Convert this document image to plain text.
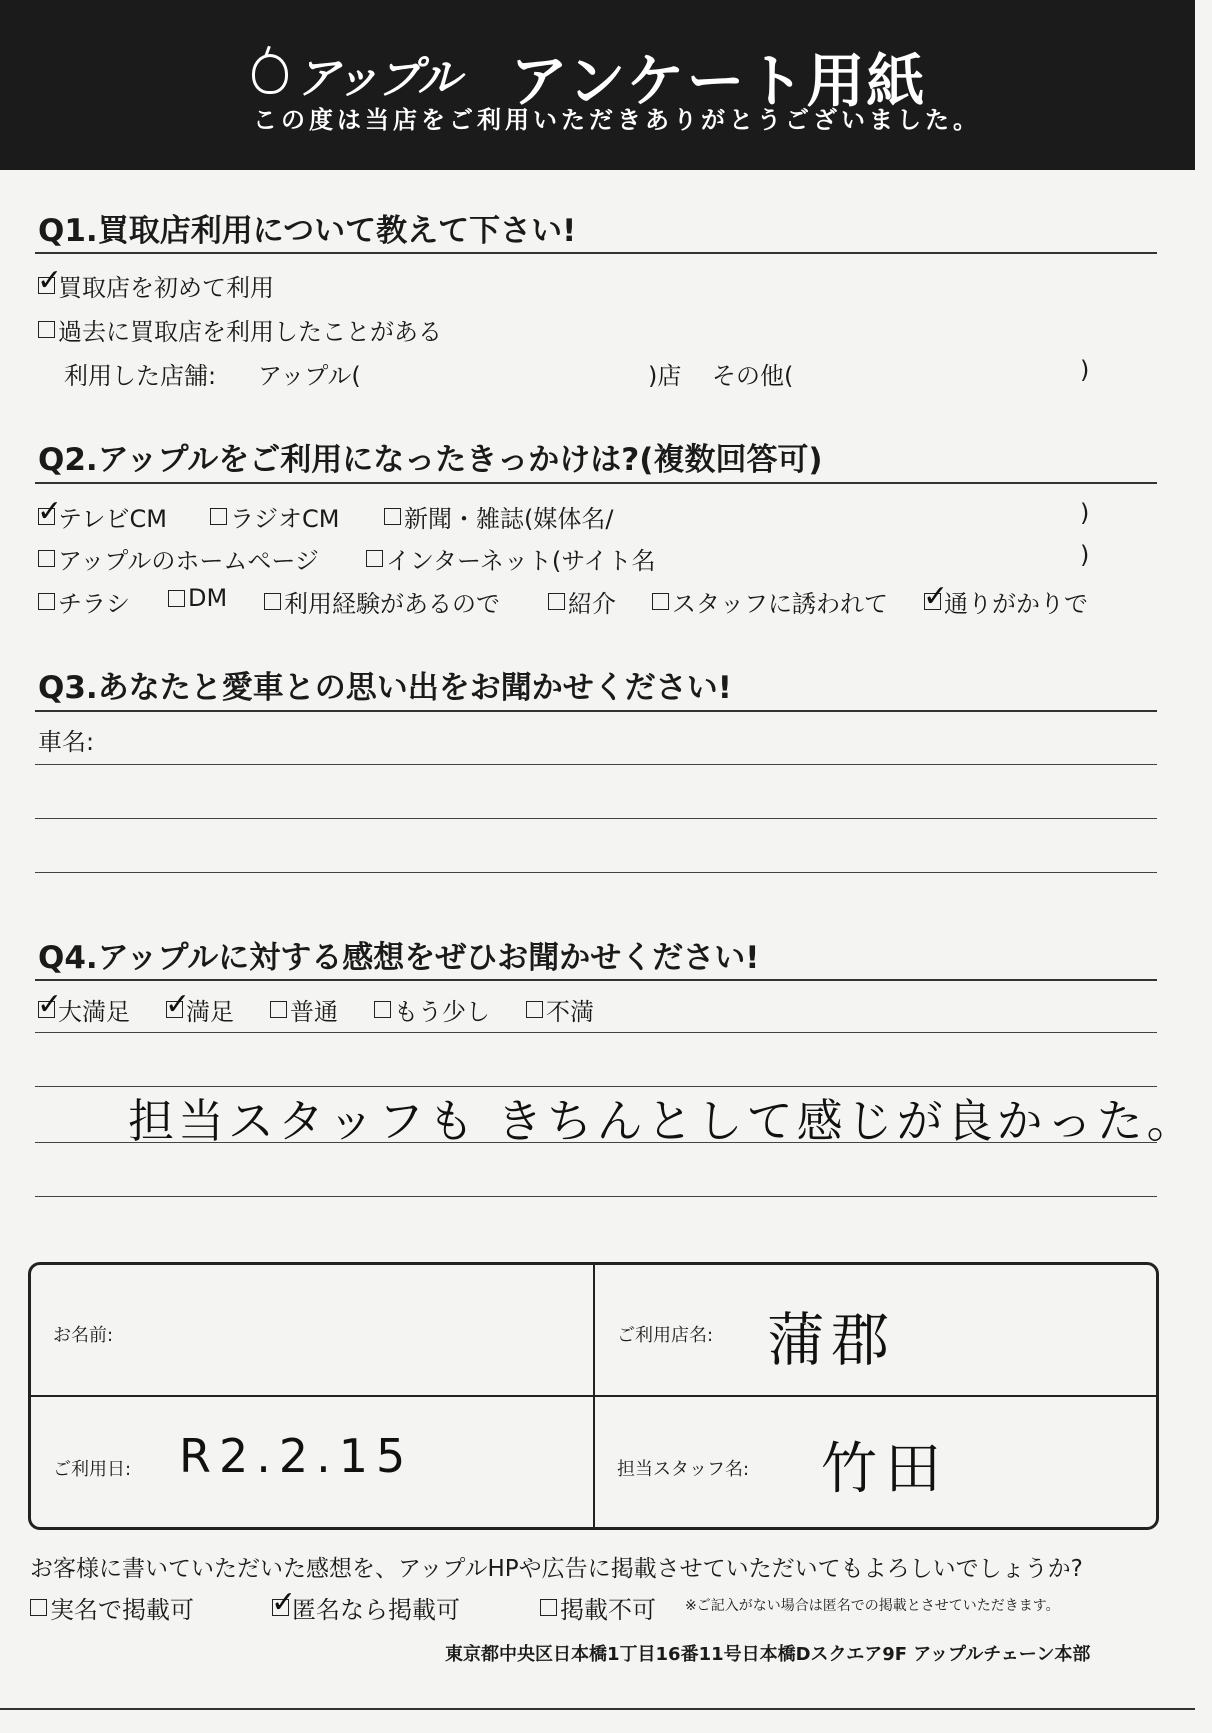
アップル アンケート用紙
この度は当店をご利用いただきありがとうございました。
Q1.買取店利用について教えて下さい!
✓
買取店を初めて利用
過去に買取店を利用したことがある
利用した店舗: アップル(	)店 その他(	)
Q2.アップルをご利用になったきっかけは?(複数回答可)
✓
テレビCM	ラジオCM	新聞・雑誌(媒体名/	)
アップルのホームページ	インターネット(サイト名	)
チラシ DM 利用経験があるので	紹介 スタッフに誘われて ✓
通りがかりで
Q3.あなたと愛車との思い出をお聞かせください!
車名:
Q4.アップルに対する感想をぜひお聞かせください!
✓
大満足 ✓
満足 普通 もう少し 不満
担当スタッフも きちんとして感じが良かった。
お名前:	ご利用店名: 蒲郡
ご利用日: R2.2.15	担当スタッフ名: 竹田
お客様に書いていただいた感想を、アップルHPや広告に掲載させていただいてもよろしいでしょうか?
実名で掲載可	✓
匿名なら掲載可	掲載不可 ※ご記入がない場合は匿名での掲載とさせていただきます。
東京都中央区日本橋1丁目16番11号日本橋Dスクエア9F アップルチェーン本部
